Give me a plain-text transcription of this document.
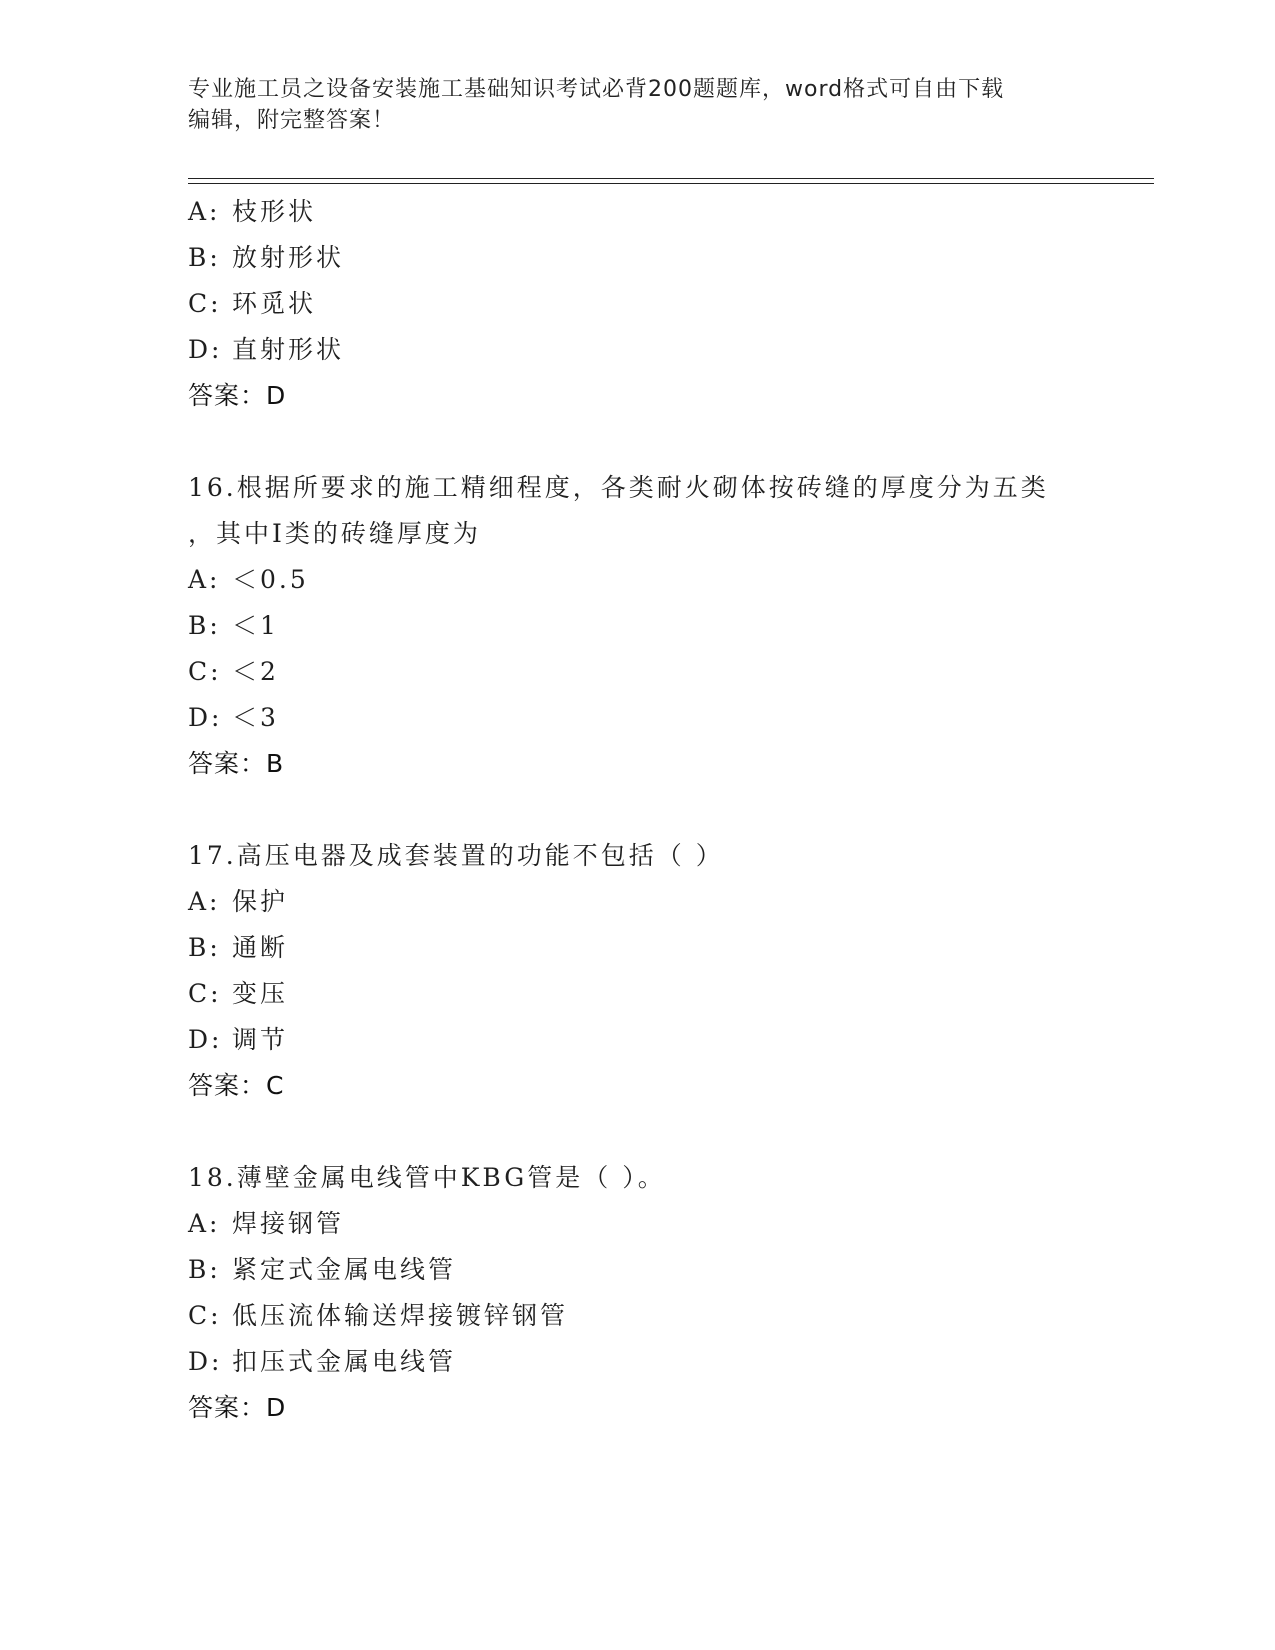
专业施工员之设备安装施工基础知识考试必背200题题库，word格式可自由下载
编辑，附完整答案！
A: 枝形状
B: 放射形状
C: 环觅状
D: 直射形状
答案：D
16.根据所要求的施工精细程度，各类耐火砌体按砖缝的厚度分为五类
，其中I类的砖缝厚度为
A: ＜0.5
B: ＜1
C: ＜2
D: ＜3
答案：B
17.高压电器及成套装置的功能不包括（ ）
A: 保护
B: 通断
C: 变压
D: 调节
答案：C
18.薄壁金属电线管中KBG管是（ ）。
A: 焊接钢管
B: 紧定式金属电线管
C: 低压流体输送焊接镀锌钢管
D: 扣压式金属电线管
答案：D
